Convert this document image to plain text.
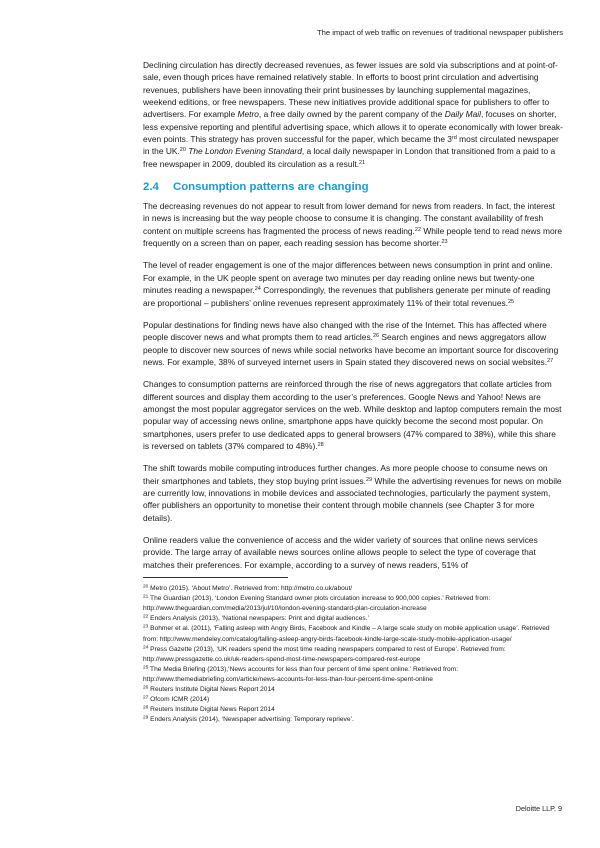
The impact of web traffic on revenues of traditional newspaper publishers

Declining circulation has directly decreased revenues, as fewer issues are sold via subscriptions and at point-of-sale, even though prices have remained relatively stable. In efforts to boost print circulation and advertising revenues, publishers have been innovating their print businesses by launching supplemental magazines, weekend editions, or free newspapers. These new initiatives provide additional space for publishers to offer to advertisers. For example Metro, a free daily owned by the parent company of the Daily Mail, focuses on shorter, less expensive reporting and plentiful advertising space, which allows it to operate economically with lower break-even points. This strategy has proven successful for the paper, which became the 3rd most circulated newspaper in the UK.$^{20}$ The London Evening Standard, a local daily newspaper in London that transitioned from a paid to a free newspaper in 2009, doubled its circulation as a result.$^{21}$

2.4 Consumption patterns are changing

The decreasing revenues do not appear to result from lower demand for news from readers. In fact, the interest in news is increasing but the way people choose to consume it is changing. The constant availability of fresh content on multiple screens has fragmented the process of news reading.$^{22}$ While people tend to read news more frequently on a screen than on paper, each reading session has become shorter.$^{23}$

The level of reader engagement is one of the major differences between news consumption in print and online. For example, in the UK people spent on average two minutes per day reading online news but twenty-one minutes reading a newspaper.$^{24}$ Correspondingly, the revenues that publishers generate per minute of reading are proportional – publishers’ online revenues represent approximately 11% of their total revenues.$^{25}$

Popular destinations for finding news have also changed with the rise of the Internet. This has affected where people discover news and what prompts them to read articles.$^{26}$ Search engines and news aggregators allow people to discover new sources of news while social networks have become an important source for discovering news. For example, 38% of surveyed internet users in Spain stated they discovered news on social websites.$^{27}$

Changes to consumption patterns are reinforced through the rise of news aggregators that collate articles from different sources and display them according to the user’s preferences. Google News and Yahoo! News are amongst the most popular aggregator services on the web. While desktop and laptop computers remain the most popular way of accessing news online, smartphone apps have quickly become the second most popular. On smartphones, users prefer to use dedicated apps to general browsers (47% compared to 38%), while this share is reversed on tablets (37% compared to 48%).$^{28}$

The shift towards mobile computing introduces further changes. As more people choose to consume news on their smartphones and tablets, they stop buying print issues.$^{29}$ While the advertising revenues for news on mobile are currently low, innovations in mobile devices and associated technologies, particularly the payment system, offer publishers an opportunity to monetise their content through mobile channels (see Chapter 3 for more details).

Online readers value the convenience of access and the wider variety of sources that online news services provide. The large array of available news sources online allows people to select the type of coverage that matches their preferences. For example, according to a survey of news readers, 51% of

$^{20}$ Metro (2015). ‘About Metro’. Retrieved from: http://metro.co.uk/about/

$^{21}$ The Guardian (2013), ‘London Evening Standard owner plots circulation increase to 900,000 copies.’ Retrieved from: http://www.theguardian.com/media/2013/jul/10/london-evening-standard-plan-circulation-increase

$^{22}$ Enders Analysis (2013), ‘National newspapers: Print and digital audiences.’

$^{23}$ Bohmer et al. (2011), ‘Falling asleep with Angry Birds, Facebook and Kindle – A large scale study on mobile application usage’. Retrieved from: http://www.mendeley.com/catalog/falling-asleep-angry-birds-facebook-kindle-large-scale-study-mobile-application-usage/

$^{24}$ Press Gazette (2013), ‘UK readers spend the most time reading newspapers compared to rest of Europe’. Retrieved from: http://www.pressgazette.co.uk/uk-readers-spend-most-time-newspapers-compared-rest-europe

$^{25}$ The Media Briefing (2013),‘News accounts for less than four percent of time spent online.’ Retrieved from: http://www.themediabriefing.com/article/news-accounts-for-less-than-four-percent-time-spent-online

$^{26}$ Reuters Institute Digital News Report 2014

$^{27}$ Ofcom ICMR (2014)

$^{28}$ Reuters Institute Digital News Report 2014

$^{29}$ Enders Analysis (2014), ‘Newspaper advertising: Temporary reprieve’.

Deloitte LLP. 9
